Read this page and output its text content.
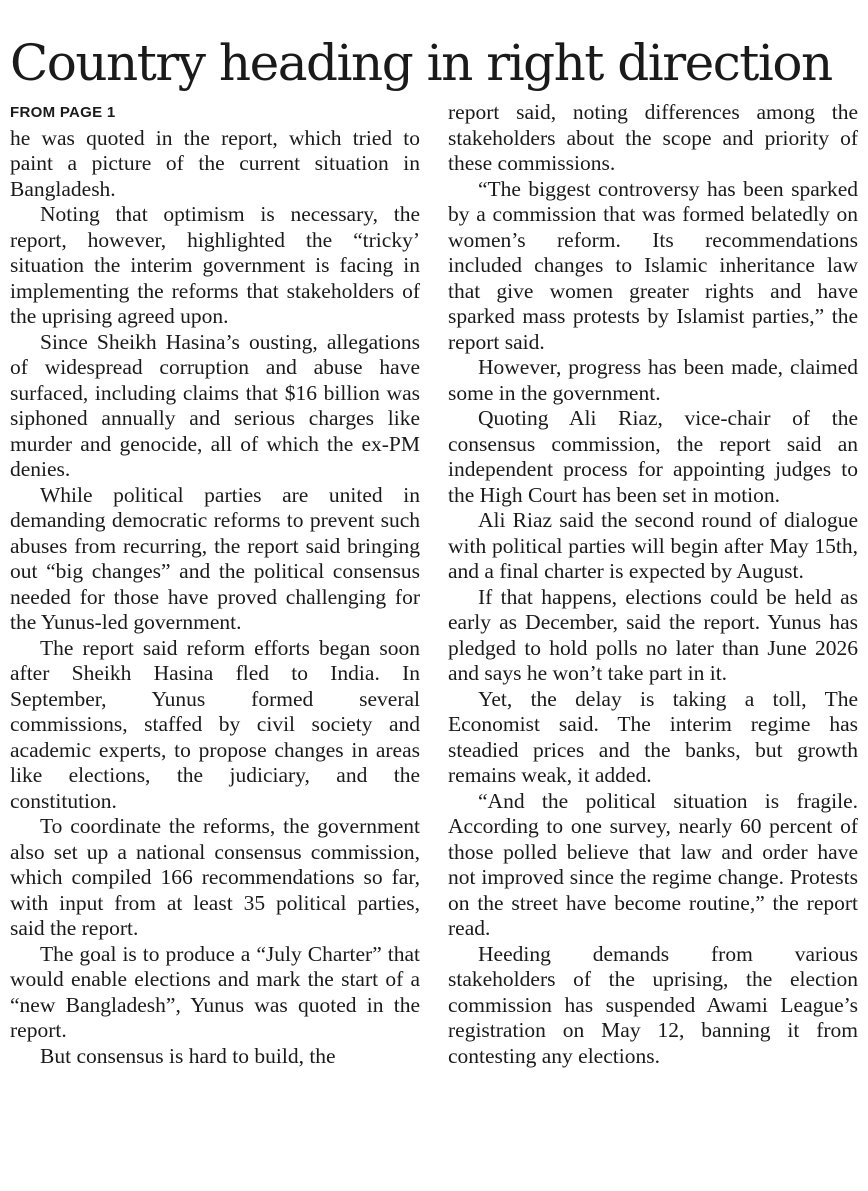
Country heading in right direction

FROM PAGE 1

he was quoted in the report, which tried to paint a picture of the current situation in Bangladesh.

Noting that optimism is necessary, the report, however, highlighted the “tricky’ situation the interim government is facing in implementing the reforms that stakeholders of the uprising agreed upon.

Since Sheikh Hasina’s ousting, allegations of widespread corruption and abuse have surfaced, including claims that $16 billion was siphoned annually and serious charges like murder and genocide, all of which the ex-PM denies.

While political parties are united in demanding democratic reforms to prevent such abuses from recurring, the report said bringing out “big changes” and the political consensus needed for those have proved challenging for the Yunus-led government.

The report said reform efforts began soon after Sheikh Hasina fled to India. In September, Yunus formed several commissions, staffed by civil society and academic experts, to propose changes in areas like elections, the judiciary, and the constitution.

To coordinate the reforms, the government also set up a national consensus commission, which compiled 166 recommendations so far, with input from at least 35 political parties, said the report.

The goal is to produce a “July Charter” that would enable elections and mark the start of a “new Bangladesh”, Yunus was quoted in the report.

But consensus is hard to build, the

report said, noting differences among the stakeholders about the scope and priority of these commissions.

“The biggest controversy has been sparked by a commission that was formed belatedly on women’s reform. Its recommendations included changes to Islamic inheritance law that give women greater rights and have sparked mass protests by Islamist parties,” the report said.

However, progress has been made, claimed some in the government.

Quoting Ali Riaz, vice-chair of the consensus commission, the report said an independent process for appointing judges to the High Court has been set in motion.

Ali Riaz said the second round of dialogue with political parties will begin after May 15th, and a final charter is expected by August.

If that happens, elections could be held as early as December, said the report. Yunus has pledged to hold polls no later than June 2026 and says he won’t take part in it.

Yet, the delay is taking a toll, The Economist said. The interim regime has steadied prices and the banks, but growth remains weak, it added.

“And the political situation is fragile. According to one survey, nearly 60 percent of those polled believe that law and order have not improved since the regime change. Protests on the street have become routine,” the report read.

Heeding demands from various stakeholders of the uprising, the election commission has suspended Awami League’s registration on May 12, banning it from contesting any elections.
